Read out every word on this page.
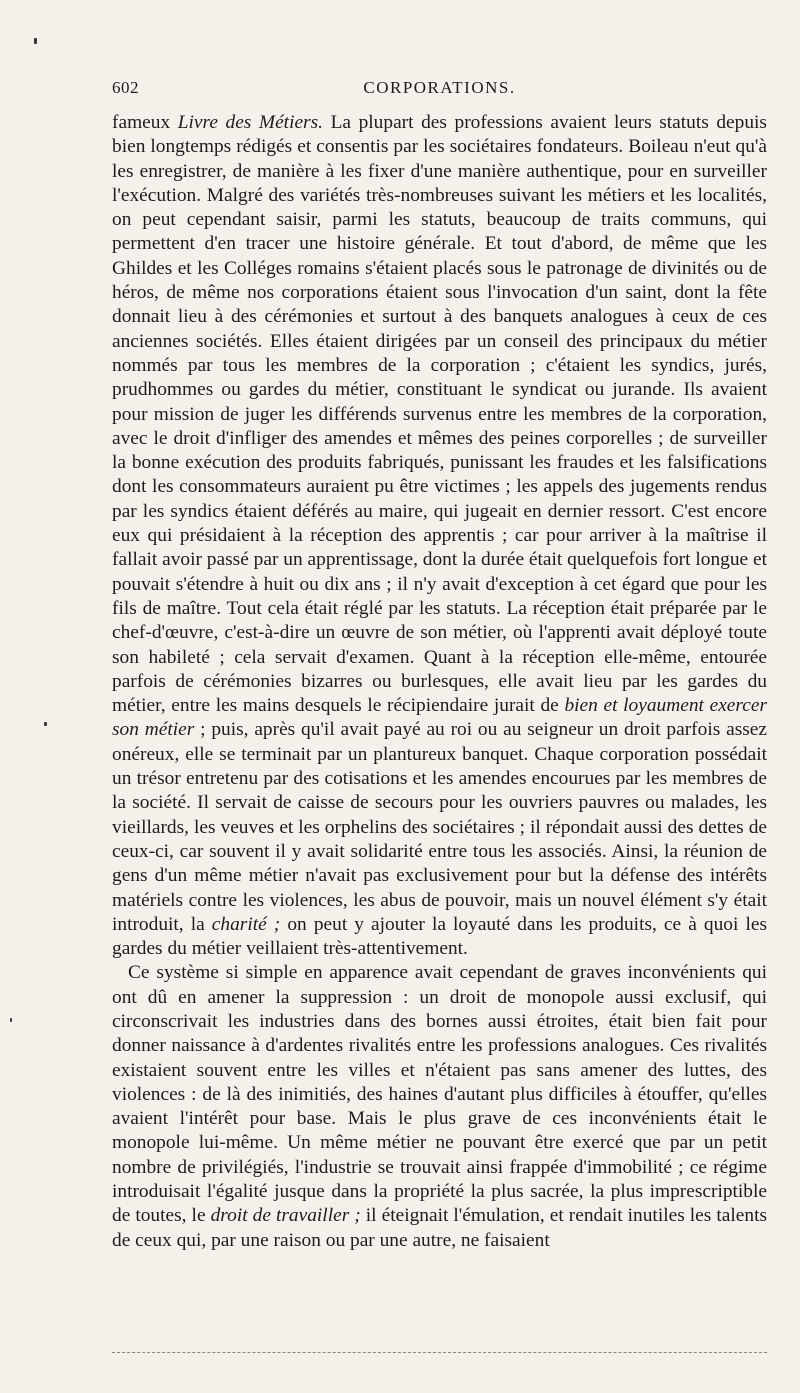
602	CORPORATIONS.

fameux Livre des Métiers. La plupart des professions avaient leurs statuts depuis bien longtemps rédigés et consentis par les sociétaires fondateurs. Boileau n'eut qu'à les enregistrer, de manière à les fixer d'une manière authentique, pour en surveiller l'exécution. Malgré des variétés très-nombreuses suivant les métiers et les localités, on peut cependant saisir, parmi les statuts, beaucoup de traits communs, qui permettent d'en tracer une histoire générale. Et tout d'abord, de même que les Ghildes et les Colléges romains s'étaient placés sous le patronage de divinités ou de héros, de même nos corporations étaient sous l'invocation d'un saint, dont la fête donnait lieu à des cérémonies et surtout à des banquets analogues à ceux de ces anciennes sociétés. Elles étaient dirigées par un conseil des principaux du métier nommés par tous les membres de la corporation ; c'étaient les syndics, jurés, prudhommes ou gardes du métier, constituant le syndicat ou jurande. Ils avaient pour mission de juger les différends survenus entre les membres de la corporation, avec le droit d'infliger des amendes et mêmes des peines corporelles ; de surveiller la bonne exécution des produits fabriqués, punissant les fraudes et les falsifications dont les consommateurs auraient pu être victimes ; les appels des jugements rendus par les syndics étaient déférés au maire, qui jugeait en dernier ressort. C'est encore eux qui présidaient à la réception des apprentis ; car pour arriver à la maîtrise il fallait avoir passé par un apprentissage, dont la durée était quelquefois fort longue et pouvait s'étendre à huit ou dix ans ; il n'y avait d'exception à cet égard que pour les fils de maître. Tout cela était réglé par les statuts. La réception était préparée par le chef-d'œuvre, c'est-à-dire un œuvre de son métier, où l'apprenti avait déployé toute son habileté ; cela servait d'examen. Quant à la réception elle-même, entourée parfois de cérémonies bizarres ou burlesques, elle avait lieu par les gardes du métier, entre les mains desquels le récipiendaire jurait de bien et loyaument exercer son métier ; puis, après qu'il avait payé au roi ou au seigneur un droit parfois assez onéreux, elle se terminait par un plantureux banquet. Chaque corporation possédait un trésor entretenu par des cotisations et les amendes encourues par les membres de la société. Il servait de caisse de secours pour les ouvriers pauvres ou malades, les vieillards, les veuves et les orphelins des sociétaires ; il répondait aussi des dettes de ceux-ci, car souvent il y avait solidarité entre tous les associés. Ainsi, la réunion de gens d'un même métier n'avait pas exclusivement pour but la défense des intérêts matériels contre les violences, les abus de pouvoir, mais un nouvel élément s'y était introduit, la charité ; on peut y ajouter la loyauté dans les produits, ce à quoi les gardes du métier veillaient très-attentivement.

Ce système si simple en apparence avait cependant de graves inconvénients qui ont dû en amener la suppression : un droit de monopole aussi exclusif, qui circonscrivait les industries dans des bornes aussi étroites, était bien fait pour donner naissance à d'ardentes rivalités entre les professions analogues. Ces rivalités existaient souvent entre les villes et n'étaient pas sans amener des luttes, des violences : de là des inimitiés, des haines d'autant plus difficiles à étouffer, qu'elles avaient l'intérêt pour base. Mais le plus grave de ces inconvénients était le monopole lui-même. Un même métier ne pouvant être exercé que par un petit nombre de privilégiés, l'industrie se trouvait ainsi frappée d'immobilité ; ce régime introduisait l'égalité jusque dans la propriété la plus sacrée, la plus imprescriptible de toutes, le droit de travailler ; il éteignait l'émulation, et rendait inutiles les talents de ceux qui, par une raison ou par une autre, ne faisaient
